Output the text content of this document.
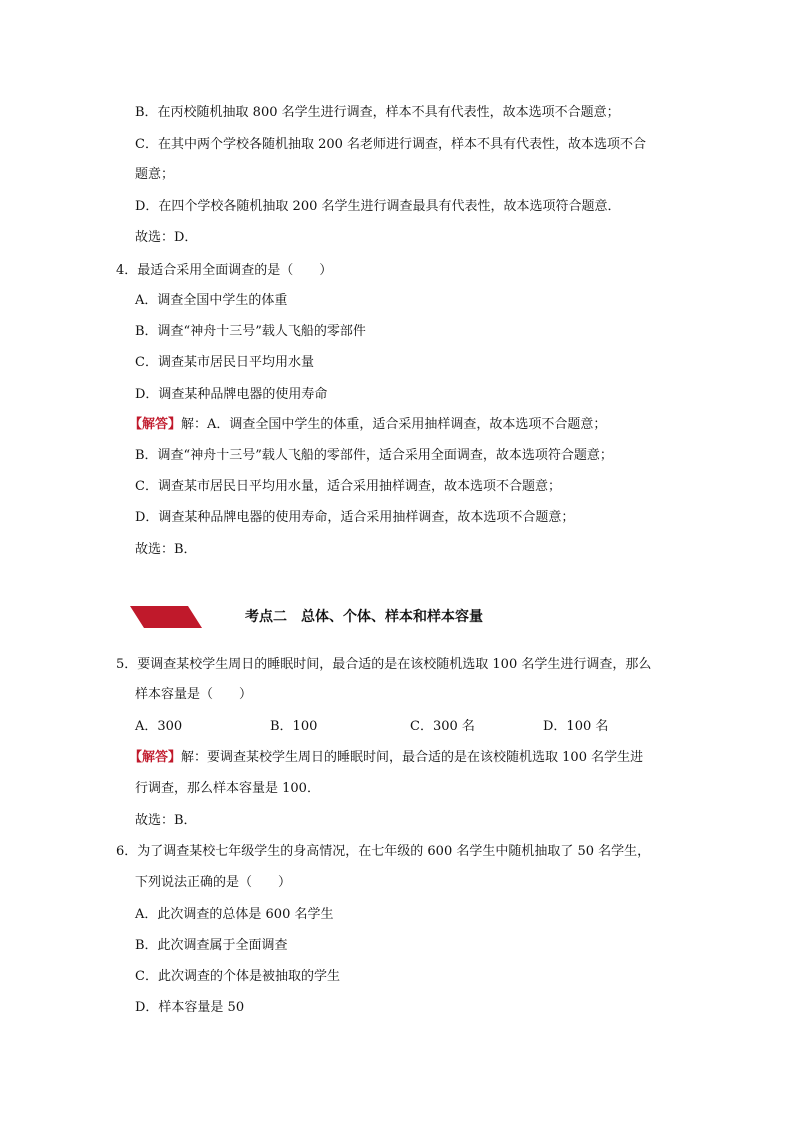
B．在丙校随机抽取 800 名学生进行调查，样本不具有代表性，故本选项不合题意；
C．在其中两个学校各随机抽取 200 名老师进行调查，样本不具有代表性，故本选项不合
题意；
D．在四个学校各随机抽取 200 名学生进行调查最具有代表性，故本选项符合题意．
故选：D．
4．最适合采用全面调查的是（　　）
A．调查全国中学生的体重
B．调查“神舟十三号”载人飞船的零部件
C．调查某市居民日平均用水量
D．调查某种品牌电器的使用寿命
【解答】解：A．调查全国中学生的体重，适合采用抽样调查，故本选项不合题意；
B．调查“神舟十三号”载人飞船的零部件，适合采用全面调查，故本选项符合题意；
C．调查某市居民日平均用水量，适合采用抽样调查，故本选项不合题意；
D．调查某种品牌电器的使用寿命，适合采用抽样调查，故本选项不合题意；
故选：B．
考点二　总体、个体、样本和样本容量
5．要调查某校学生周日的睡眠时间，最合适的是在该校随机选取 100 名学生进行调查，那么
样本容量是（　　）
A．300	B．100	C．300 名	D．100 名
【解答】解：要调查某校学生周日的睡眠时间，最合适的是在该校随机选取 100 名学生进
行调查，那么样本容量是 100．
故选：B．
6．为了调查某校七年级学生的身高情况，在七年级的 600 名学生中随机抽取了 50 名学生，
下列说法正确的是（　　）
A．此次调查的总体是 600 名学生
B．此次调查属于全面调查
C．此次调查的个体是被抽取的学生
D．样本容量是 50
